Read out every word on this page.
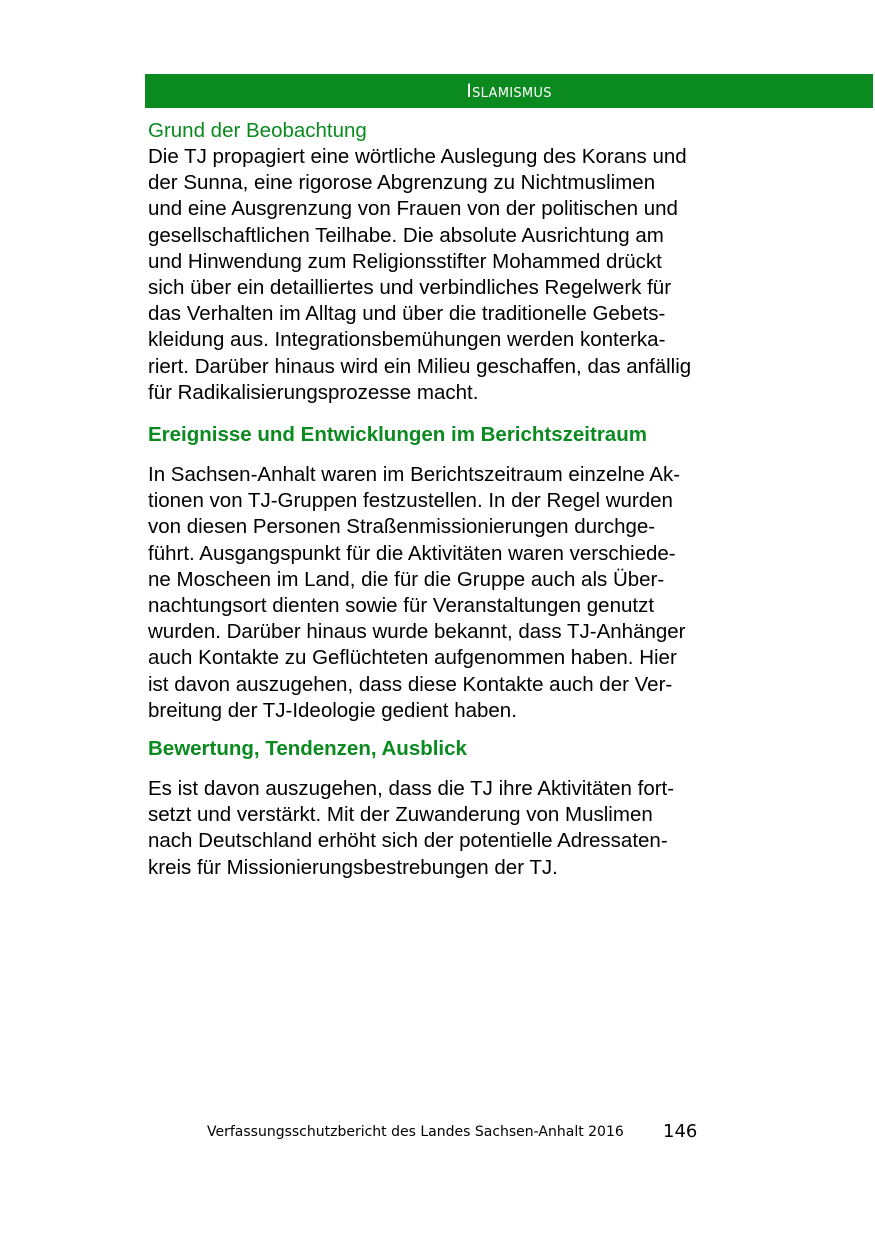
Islamismus
Grund der Beobachtung

Die TJ propagiert eine wörtliche Auslegung des Korans und
der Sunna, eine rigorose Abgrenzung zu Nichtmuslimen
und eine Ausgrenzung von Frauen von der politischen und
gesellschaftlichen Teilhabe. Die absolute Ausrichtung am
und Hinwendung zum Religionsstifter Mohammed drückt
sich über ein detailliertes und verbindliches Regelwerk für
das Verhalten im Alltag und über die traditionelle Gebets-
kleidung aus. Integrationsbemühungen werden konterka-
riert. Darüber hinaus wird ein Milieu geschaffen, das anfällig
für Radikalisierungsprozesse macht.

Ereignisse und Entwicklungen im Berichtszeitraum

In Sachsen-Anhalt waren im Berichtszeitraum einzelne Ak-
tionen von TJ-Gruppen festzustellen. In der Regel wurden
von diesen Personen Straßenmissionierungen durchge-
führt. Ausgangspunkt für die Aktivitäten waren verschiede-
ne Moscheen im Land, die für die Gruppe auch als Über-
nachtungsort dienten sowie für Veranstaltungen genutzt
wurden. Darüber hinaus wurde bekannt, dass TJ-Anhänger
auch Kontakte zu Geflüchteten aufgenommen haben. Hier
ist davon auszugehen, dass diese Kontakte auch der Ver-
breitung der TJ-Ideologie gedient haben.

Bewertung, Tendenzen, Ausblick

Es ist davon auszugehen, dass die TJ ihre Aktivitäten fort-
setzt und verstärkt. Mit der Zuwanderung von Muslimen
nach Deutschland erhöht sich der potentielle Adressaten-
kreis für Missionierungsbestrebungen der TJ.

Verfassungsschutzbericht des Landes Sachsen-Anhalt 2016 146
